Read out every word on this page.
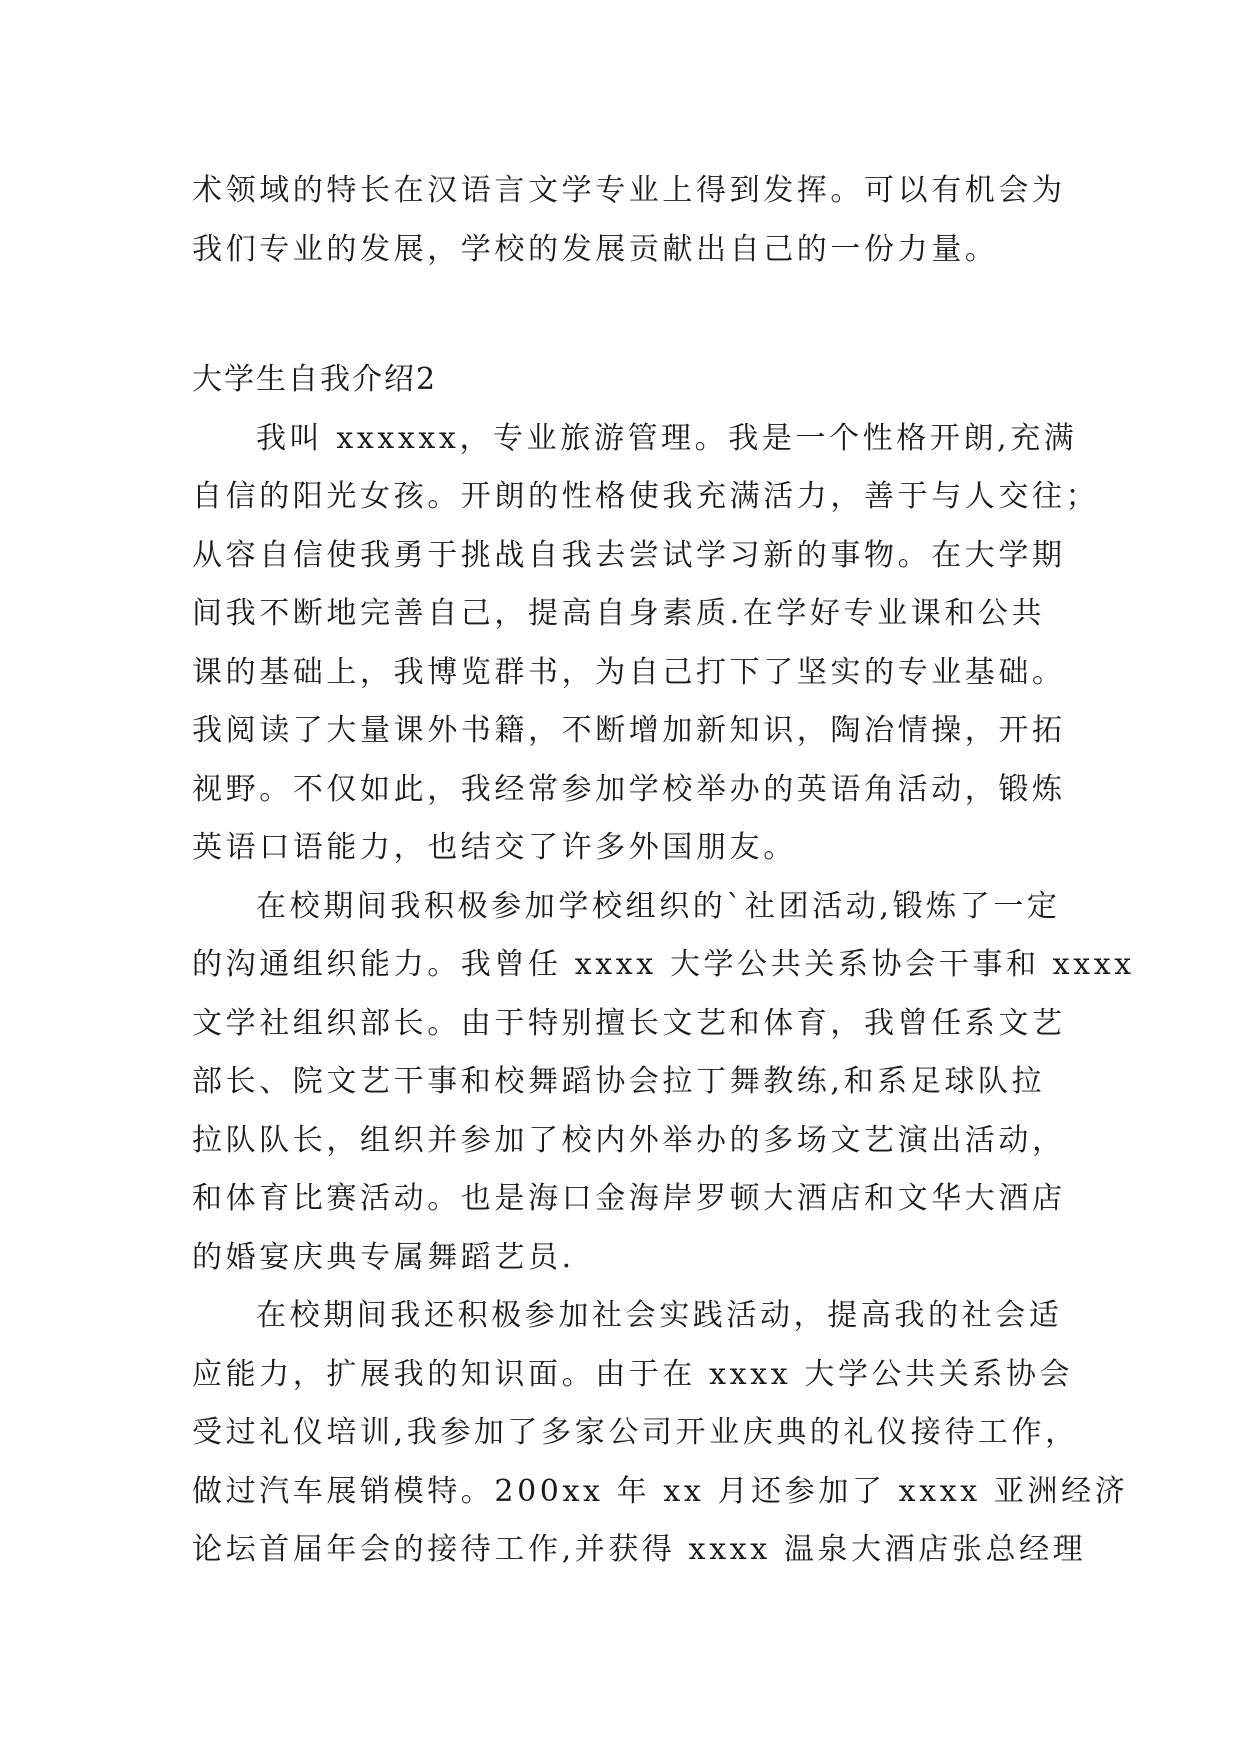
术领域的特长在汉语言文学专业上得到发挥。可以有机会为
我们专业的发展，学校的发展贡献出自己的一份力量。
大学生自我介绍2
我叫 xxxxxx，专业旅游管理。我是一个性格开朗,充满
自信的阳光女孩。开朗的性格使我充满活力，善于与人交往；
从容自信使我勇于挑战自我去尝试学习新的事物。在大学期
间我不断地完善自己，提高自身素质.在学好专业课和公共
课的基础上，我博览群书，为自己打下了坚实的专业基础。
我阅读了大量课外书籍，不断增加新知识，陶冶情操，开拓
视野。不仅如此，我经常参加学校举办的英语角活动，锻炼
英语口语能力，也结交了许多外国朋友。
在校期间我积极参加学校组织的`社团活动,锻炼了一定
的沟通组织能力。我曾任 xxxx 大学公共关系协会干事和 xxxx
文学社组织部长。由于特别擅长文艺和体育，我曾任系文艺
部长、院文艺干事和校舞蹈协会拉丁舞教练,和系足球队拉
拉队队长，组织并参加了校内外举办的多场文艺演出活动，
和体育比赛活动。也是海口金海岸罗顿大酒店和文华大酒店
的婚宴庆典专属舞蹈艺员.
在校期间我还积极参加社会实践活动，提高我的社会适
应能力，扩展我的知识面。由于在 xxxx 大学公共关系协会
受过礼仪培训,我参加了多家公司开业庆典的礼仪接待工作，
做过汽车展销模特。200xx 年 xx 月还参加了 xxxx 亚洲经济
论坛首届年会的接待工作,并获得 xxxx 温泉大酒店张总经理
